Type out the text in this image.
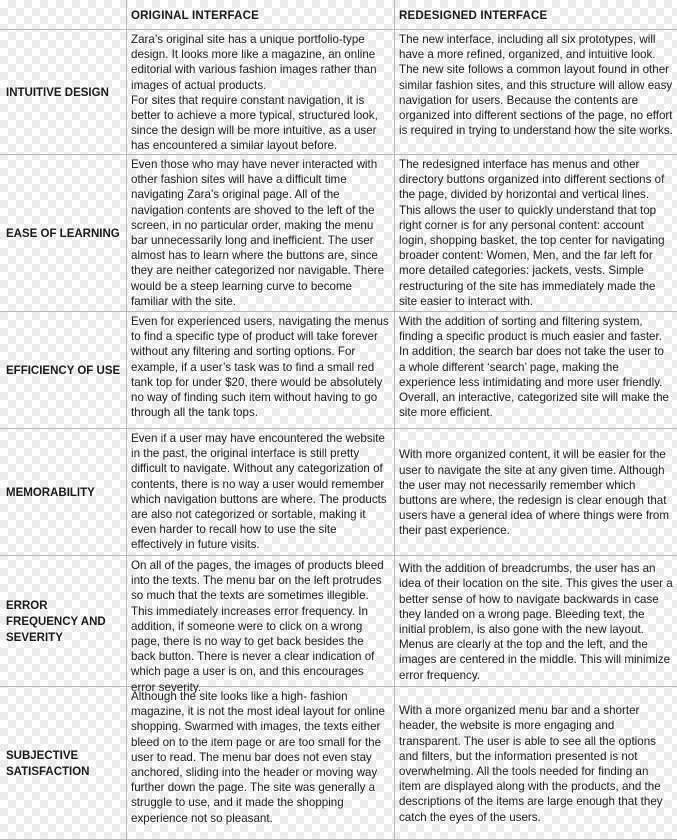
ORIGINAL INTERFACE	REDESIGNED INTERFACE
INTUITIVE DESIGN
Zara’s original site has a unique portfolio-type design. It looks more like a magazine, an online editorial with various fashion images rather than images of actual products.
For sites that require constant navigation, it is better to achieve a more typical, structured look, since the design will be more intuitive, as a user has encountered a similar layout before.
The new interface, including all six prototypes, will have a more refined, organized, and intuitive look. The new site follows a common layout found in other similar fashion sites, and this structure will allow easy navigation for users. Because the contents are organized into different sections of the page, no effort is required in trying to understand how the site works.
EASE OF LEARNING
Even those who may have never interacted with other fashion sites will have a difficult time navigating Zara’s original page. All of the navigation contents are shoved to the left of the screen, in no particular order, making the menu bar unnecessarily long and inefficient. The user almost has to learn where the buttons are, since they are neither categorized nor navigable. There would be a steep learning curve to become familiar with the site.
The redesigned interface has menus and other directory buttons organized into different sections of the page, divided by horizontal and vertical lines. This allows the user to quickly understand that top right corner is for any personal content: account login, shopping basket, the top center for navigating broader content: Women, Men, and the far left for more detailed categories: jackets, vests. Simple restructuring of the site has immediately made the site easier to interact with.
EFFICIENCY OF USE
Even for experienced users, navigating the menus to find a specific type of product will take forever without any filtering and sorting options. For example, if a user’s task was to find a small red tank top for under $20, there would be absolutely no way of finding such item without having to go through all the tank tops.
With the addition of sorting and filtering system, finding a specific product is much easier and faster. In addition, the search bar does not take the user to a whole different ‘search’ page, making the experience less intimidating and more user friendly. Overall, an interactive, categorized site will make the site more efficient.
MEMORABILITY
Even if a user may have encountered the website in the past, the original interface is still pretty difficult to navigate. Without any categorization of contents, there is no way a user would remember which navigation buttons are where. The products are also not categorized or sortable, making it even harder to recall how to use the site effectively in future visits.
With more organized content, it will be easier for the user to navigate the site at any given time. Although the user may not necessarily remember which buttons are where, the redesign is clear enough that users have a general idea of where things were from their past experience.
ERROR FREQUENCY AND SEVERITY
On all of the pages, the images of products bleed into the texts. The menu bar on the left protrudes so much that the texts are sometimes illegible. This immediately increases error frequency. In addition, if someone were to click on a wrong page, there is no way to get back besides the back button. There is never a clear indication of which page a user is on, and this encourages error severity.
With the addition of breadcrumbs, the user has an idea of their location on the site. This gives the user a better sense of how to navigate backwards in case they landed on a wrong page. Bleeding text, the initial problem, is also gone with the new layout. Menus are clearly at the top and the left, and the images are centered in the middle. This will minimize error frequency.
SUBJECTIVE SATISFACTION
Although the site looks like a high- fashion magazine, it is not the most ideal layout for online shopping. Swarmed with images, the texts either bleed on to the item page or are too small for the user to read. The menu bar does not even stay anchored, sliding into the header or moving way further down the page. The site was generally a struggle to use, and it made the shopping experience not so pleasant.
With a more organized menu bar and a shorter header, the website is more engaging and transparent. The user is able to see all the options and filters, but the information presented is not overwhelming. All the tools needed for finding an item are displayed along with the products, and the descriptions of the items are large enough that they catch the eyes of the users.
